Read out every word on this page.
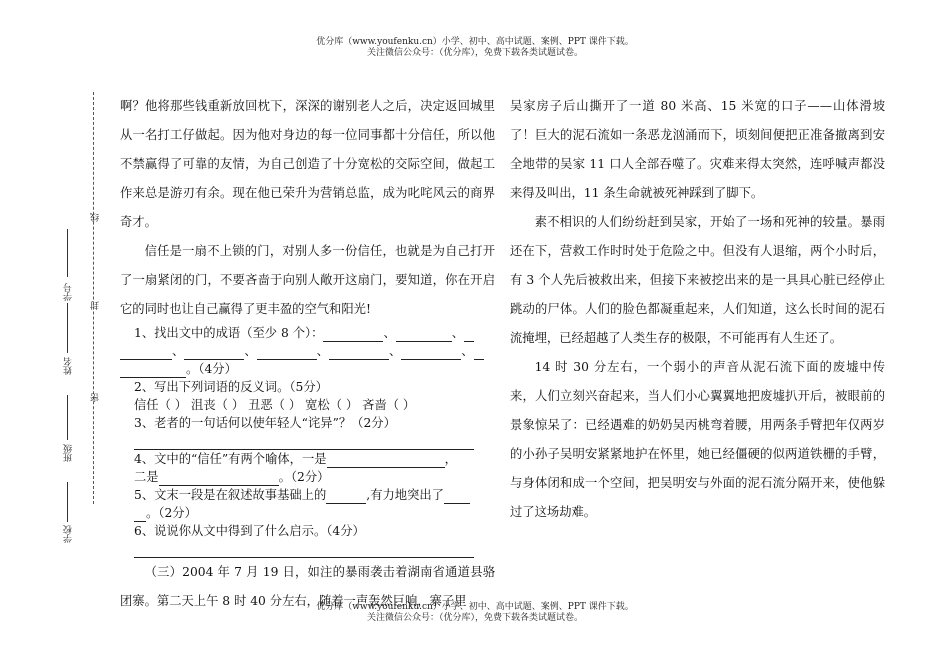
优分库（www.youfenku.cn）小学、初中、高中试题、案例、PPT 课件下载。
关注微信公众号：（优分库），免费下载各类试题试卷。
线
封
密
学号
姓名
班级
学校

啊？他将那些钱重新放回枕下，深深的谢别老人之后，决定返回城里从一名打工仔做起。因为他对身边的每一位同事都十分信任，所以他不禁赢得了可靠的友情，为自己创造了十分宽松的交际空间，做起工作来总是游刃有余。现在他已荣升为营销总监，成为叱咤风云的商界奇才。

信任是一扇不上锁的门，对别人多一份信任，也就是为自己打开了一扇紧闭的门，不要吝啬于向别人敞开这扇门，要知道，你在开启它的同时也让自己赢得了更丰盈的空气和阳光!

1、找出文中的成语（至少 8 个）：	、	、

、	、	、	、	、

。（4分）

2、写出下列词语的反义词。（5分）

信任（ ） 沮丧（ ） 丑恶（ ） 宽松（ ） 吝啬（ ）

3、老者的一句话何以使年轻人“诧异”？（2分）

4、文中的“信任”有两个喻体，一是	，

二是	。（2分）

5、文末一段是在叙述故事基础上的	,有力地突出了

。（2分）

6、说说你从文中得到了什么启示。（4分）

（三）2004 年 7 月 19 日，如注的暴雨袭击着湖南省通道县骆团寨。第二天上午 8 时 40 分左右，随着一声轰然巨响，寨子里

吴家房子后山撕开了一道 80 米高、15 米宽的口子——山体滑坡了！巨大的泥石流如一条恶龙汹涌而下，顷刻间便把正准备撤离到安全地带的吴家 11 口人全部吞噬了。灾难来得太突然，连呼喊声都没来得及叫出，11 条生命就被死神踩到了脚下。

素不相识的人们纷纷赶到吴家，开始了一场和死神的较量。暴雨还在下，营救工作时时处于危险之中。但没有人退缩，两个小时后，有 3 个人先后被救出来，但接下来被挖出来的是一具具心脏已经停止跳动的尸体。人们的脸色都凝重起来，人们知道，这么长时间的泥石流掩埋，已经超越了人类生存的极限，不可能再有人生还了。

14 时 30 分左右，一个弱小的声音从泥石流下面的废墟中传来，人们立刻兴奋起来，当人们小心翼翼地把废墟扒开后，被眼前的景象惊呆了：已经遇难的奶奶吴丙桃弯着腰，用两条手臂把年仅两岁的小孙子吴明安紧紧地护在怀里，她已经僵硬的似两道铁栅的手臂，与身体闭和成一个空间，把吴明安与外面的泥石流分隔开来，使他躲过了这场劫难。

优分库（www.youfenku.cn）小学、初中、高中试题、案例、PPT 课件下载。
关注微信公众号：（优分库），免费下载各类试题试卷。
